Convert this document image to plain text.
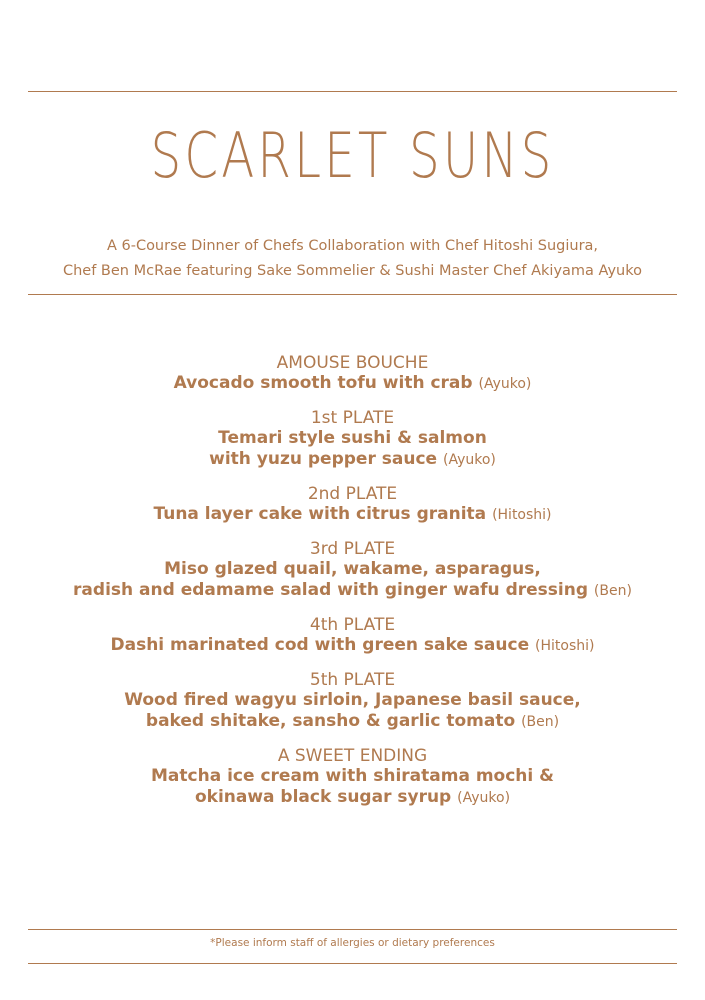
SCARLET SUNS
A 6-Course Dinner of Chefs Collaboration with Chef Hitoshi Sugiura,
Chef Ben McRae featuring Sake Sommelier & Sushi Master Chef Akiyama Ayuko
AMOUSE BOUCHE
Avocado smooth tofu with crab (Ayuko)
1st PLATE
Temari style sushi & salmon
with yuzu pepper sauce (Ayuko)
2nd PLATE
Tuna layer cake with citrus granita (Hitoshi)
3rd PLATE
Miso glazed quail, wakame, asparagus,
radish and edamame salad with ginger wafu dressing (Ben)
4th PLATE
Dashi marinated cod with green sake sauce (Hitoshi)
5th PLATE
Wood fired wagyu sirloin, Japanese basil sauce,
baked shitake, sansho & garlic tomato (Ben)
A SWEET ENDING
Matcha ice cream with shiratama mochi &
okinawa black sugar syrup (Ayuko)
*Please inform staff of allergies or dietary preferences
